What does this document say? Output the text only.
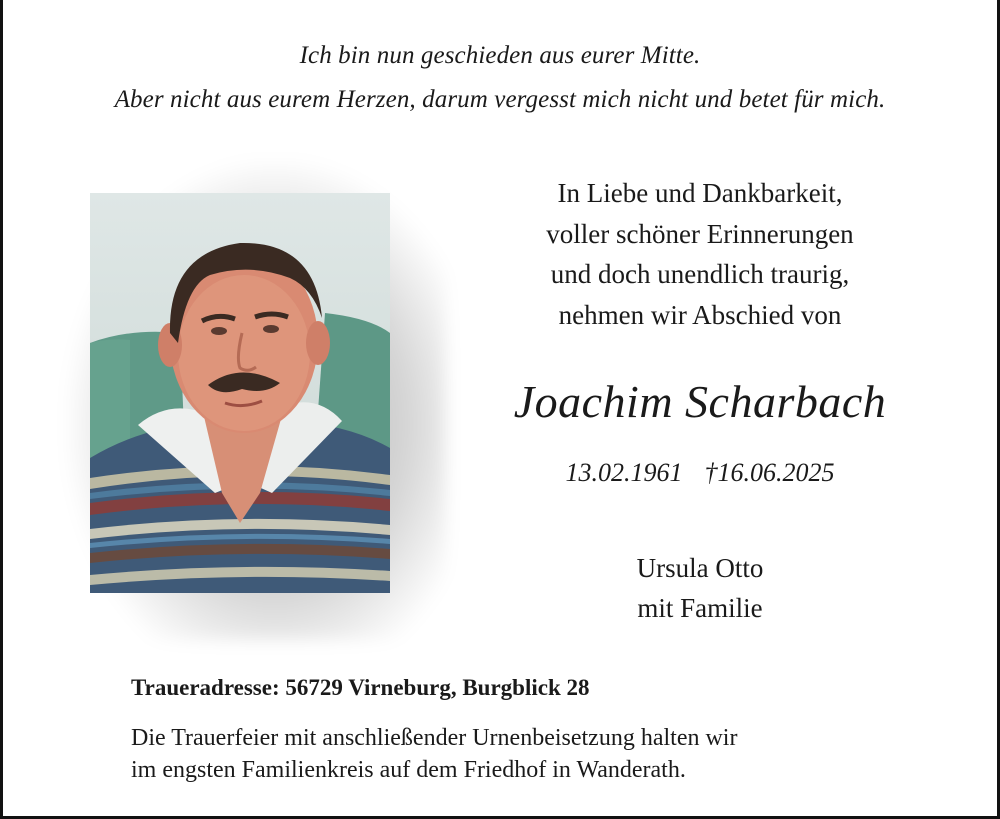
Ich bin nun geschieden aus eurer Mitte.
Aber nicht aus eurem Herzen, darum vergesst mich nicht und betet für mich.
In Liebe und Dankbarkeit,
voller schöner Erinnerungen
und doch unendlich traurig,
nehmen wir Abschied von
Joachim Scharbach
13.02.1961 †16.06.2025
Ursula Otto
mit Familie
Traueradresse: 56729 Virneburg, Burgblick 28
Die Trauerfeier mit anschließender Urnenbeisetzung halten wir
im engsten Familienkreis auf dem Friedhof in Wanderath.
